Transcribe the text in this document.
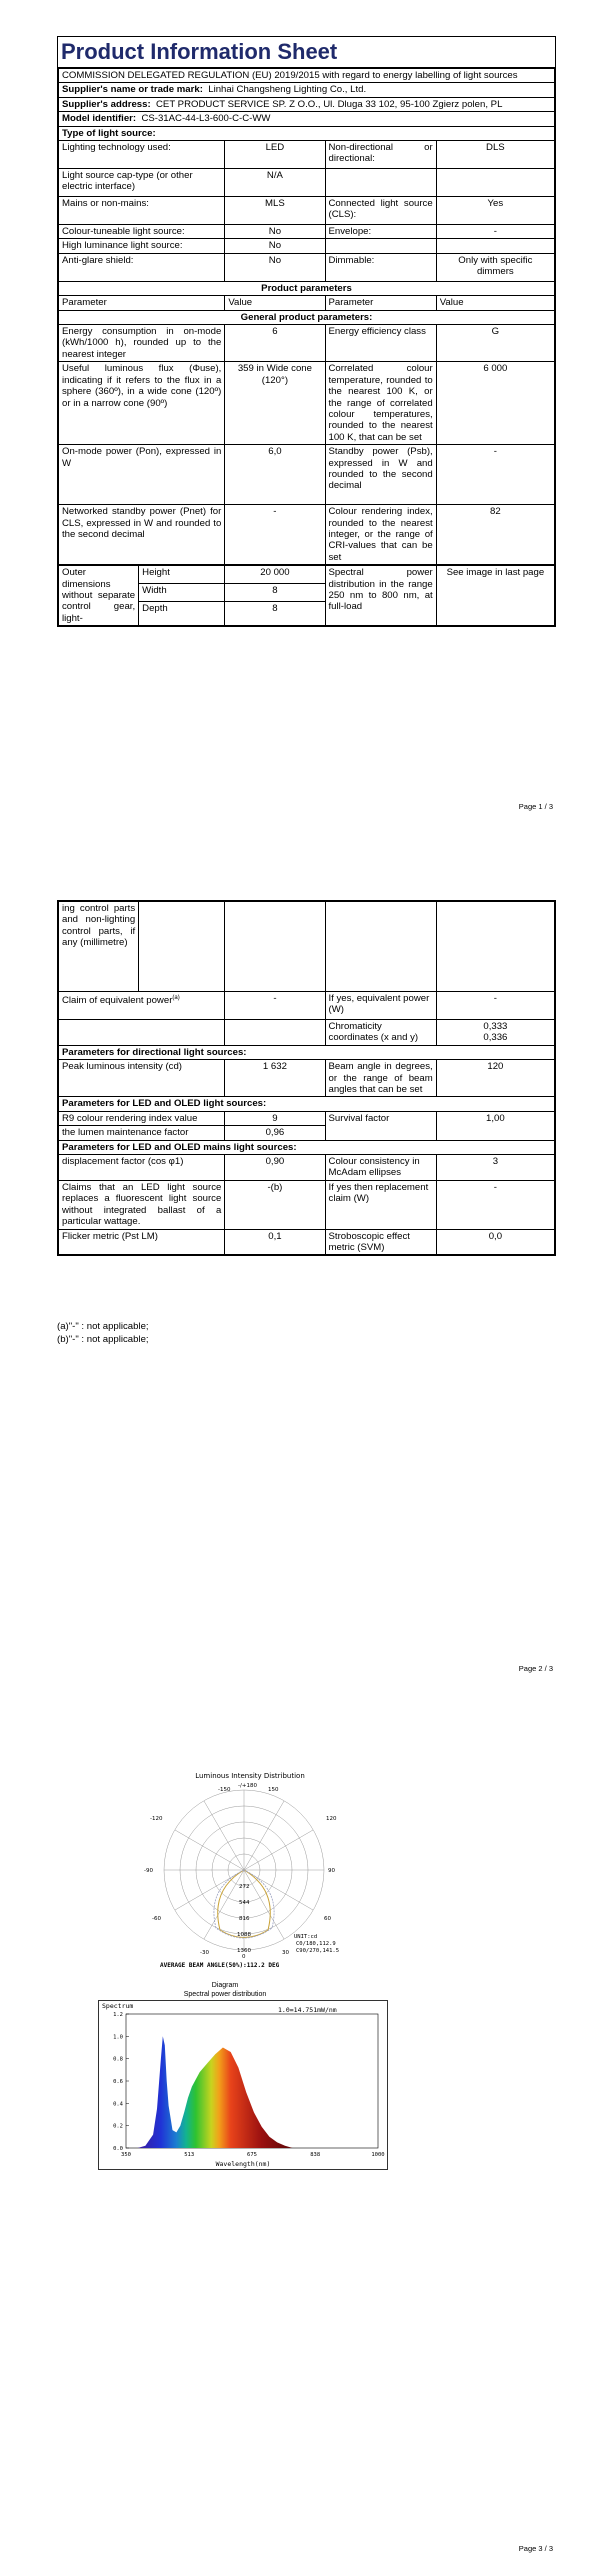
Product Information Sheet
COMMISSION DELEGATED REGULATION (EU) 2019/2015 with regard to energy labelling of light sources			
Supplier's name or trade mark: Linhai Changsheng Lighting Co., Ltd.			
Supplier's address: CET PRODUCT SERVICE SP. Z O.O., Ul. Dluga 33 102, 95-100 Zgierz polen, PL			
Model identifier: CS-31AC-44-L3-600-C-C-WW			
Type of light source:			
Lighting technology used:	LED	Non-directional or directional:	DLS

Light source cap-type (or other electric interface)	N/A		
Mains or non-mains:	MLS	Connected light source (CLS):	Yes
Colour-tuneable light source:	No	Envelope:	-
High luminance light source:	No		
Anti-glare shield:	No	Dimmable:	Only with specific dimmers
Product parameters			
Parameter	Value	Parameter	Value
General product parameters:			
Energy consumption in on-mode (kWh/1000 h), rounded up to the nearest integer	6	Energy efficiency class	G
Useful luminous flux (Φuse), indicating if it refers to the flux in a sphere (360º), in a wide cone (120º) or in a narrow cone (90º)	359 in Wide cone (120°)	Correlated colour temperature, rounded to the nearest 100 K, or the range of correlated colour temperatures, rounded to the nearest 100 K, that can be set	6 000
On-mode power (Pon), expressed in W	6,0	Standby power (Psb), expressed in W and rounded to the second decimal	-
Networked standby power (Pnet) for CLS, expressed in W and rounded to the second decimal	-	Colour rendering index, rounded to the nearest integer, or the range of CRI-values that can be set	82
Outer dimensions without separate control gear, light-	Height	20 000	Spectral power distribution in the range 250 nm to 800 nm, at full-load	See image in last page
	Width	8		
	Depth	8		
Page 1 / 3
ing control parts and non-lighting control parts, if any (millimetre)				
Claim of equivalent power$^{(a)}$		-	If yes, equivalent power (W)	-
			Chromaticity coordinates (x and y)	0,333
0,336

Parameters for directional light sources:				
Peak luminous intensity (cd)		1 632	Beam angle in degrees, or the range of beam angles that can be set	120
Parameters for LED and OLED light sources:				
R9 colour rendering index value		9	Survival factor	1,00
the lumen maintenance factor		0,96		
Parameters for LED and OLED mains light sources:				
displacement factor (cos φ1)		0,90	Colour consistency in McAdam ellipses	3
Claims that an LED light source replaces a fluorescent light source without integrated ballast of a particular wattage.		-(b)	If yes then replacement claim (W)	-
Flicker metric (Pst LM)		0,1	Stroboscopic effect metric (SVM)	0,0
(a)"-" : not applicable;
(b)"-" : not applicable;
Page 2 / 3
Luminous Intensity Distribution
-150
-/+180
150
-120	120
-90	90
-60	60
-30
0
30
272
544
816
1088
1360
UNIT:cd
C0/180,112.9
C90/270,141.5
AVERAGE BEAM ANGLE(50%):112.2 DEG
Diagram
Spectral power distribution
Spectrum	1.0=14.751mW/nm
Wavelength(nm)
350	513	675	838	1000
0.0
0.2
0.4
0.6
0.8
1.0
1.2
Page 3 / 3
